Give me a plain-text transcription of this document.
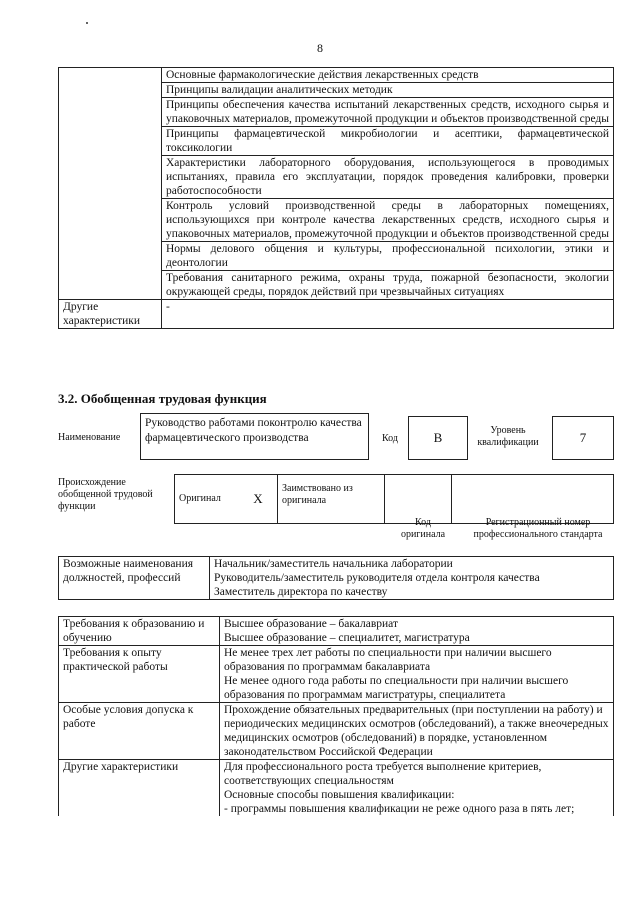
8
	Основные фармакологические действия лекарственных средств
	Принципы валидации аналитических методик
	Принципы обеспечения качества испытаний лекарственных средств, исходного сырья и упаковочных материалов, промежуточной продукции и объектов производственной среды
	Принципы фармацевтической микробиологии и асептики, фармацевтической токсикологии
	Характеристики лабораторного оборудования, использующегося в проводимых испытаниях, правила его эксплуатации, порядок проведения калибровки, проверки работоспособности
	Контроль условий производственной среды в лабораторных помещениях, использующихся при контроле качества лекарственных средств, исходного сырья и упаковочных материалов, промежуточной продукции и объектов производственной среды
	Нормы делового общения и культуры, профессиональной психологии, этики и деонтологии
	Требования санитарного режима, охраны труда, пожарной безопасности, экологии окружающей среды, порядок действий при чрезвычайных ситуациях
Другие характеристики	-
3.2. Обобщенная трудовая функция
Наименование
Руководство работами поконтролю качества фармацевтического производства	Код	B	Уровень квалификации	7
Происхождение обобщенной трудовой функции
Оригинал	X	Заимствовано из оригинала		
Код оригинала
Регистрационный номер профессионального стандарта
Возможные наименования должностей, профессий	Начальник/заместитель начальника лаборатории
Руководитель/заместитель руководителя отдела контроля качества
Заместитель директора по качеству
Требования к образованию и обучению	Высшее образование – бакалавриат
Высшее образование – специалитет, магистратура

Требования к опыту практической работы	Не менее трех лет работы по специальности при наличии высшего образования по программам бакалавриата
Не менее одного года работы по специальности при наличии высшего образования по программам магистратуры, специалитета

Особые условия допуска к работе	Прохождение обязательных предварительных (при поступлении на работу) и периодических медицинских осмотров (обследований), а также внеочередных медицинских осмотров (обследований) в порядке, установленном законодательством Российской Федерации

Другие характеристики	Для профессионального роста требуется выполнение критериев, соответствующих специальностям
Основные способы повышения квалификации:
- программы повышения квалификации не реже одного раза в пять лет;
